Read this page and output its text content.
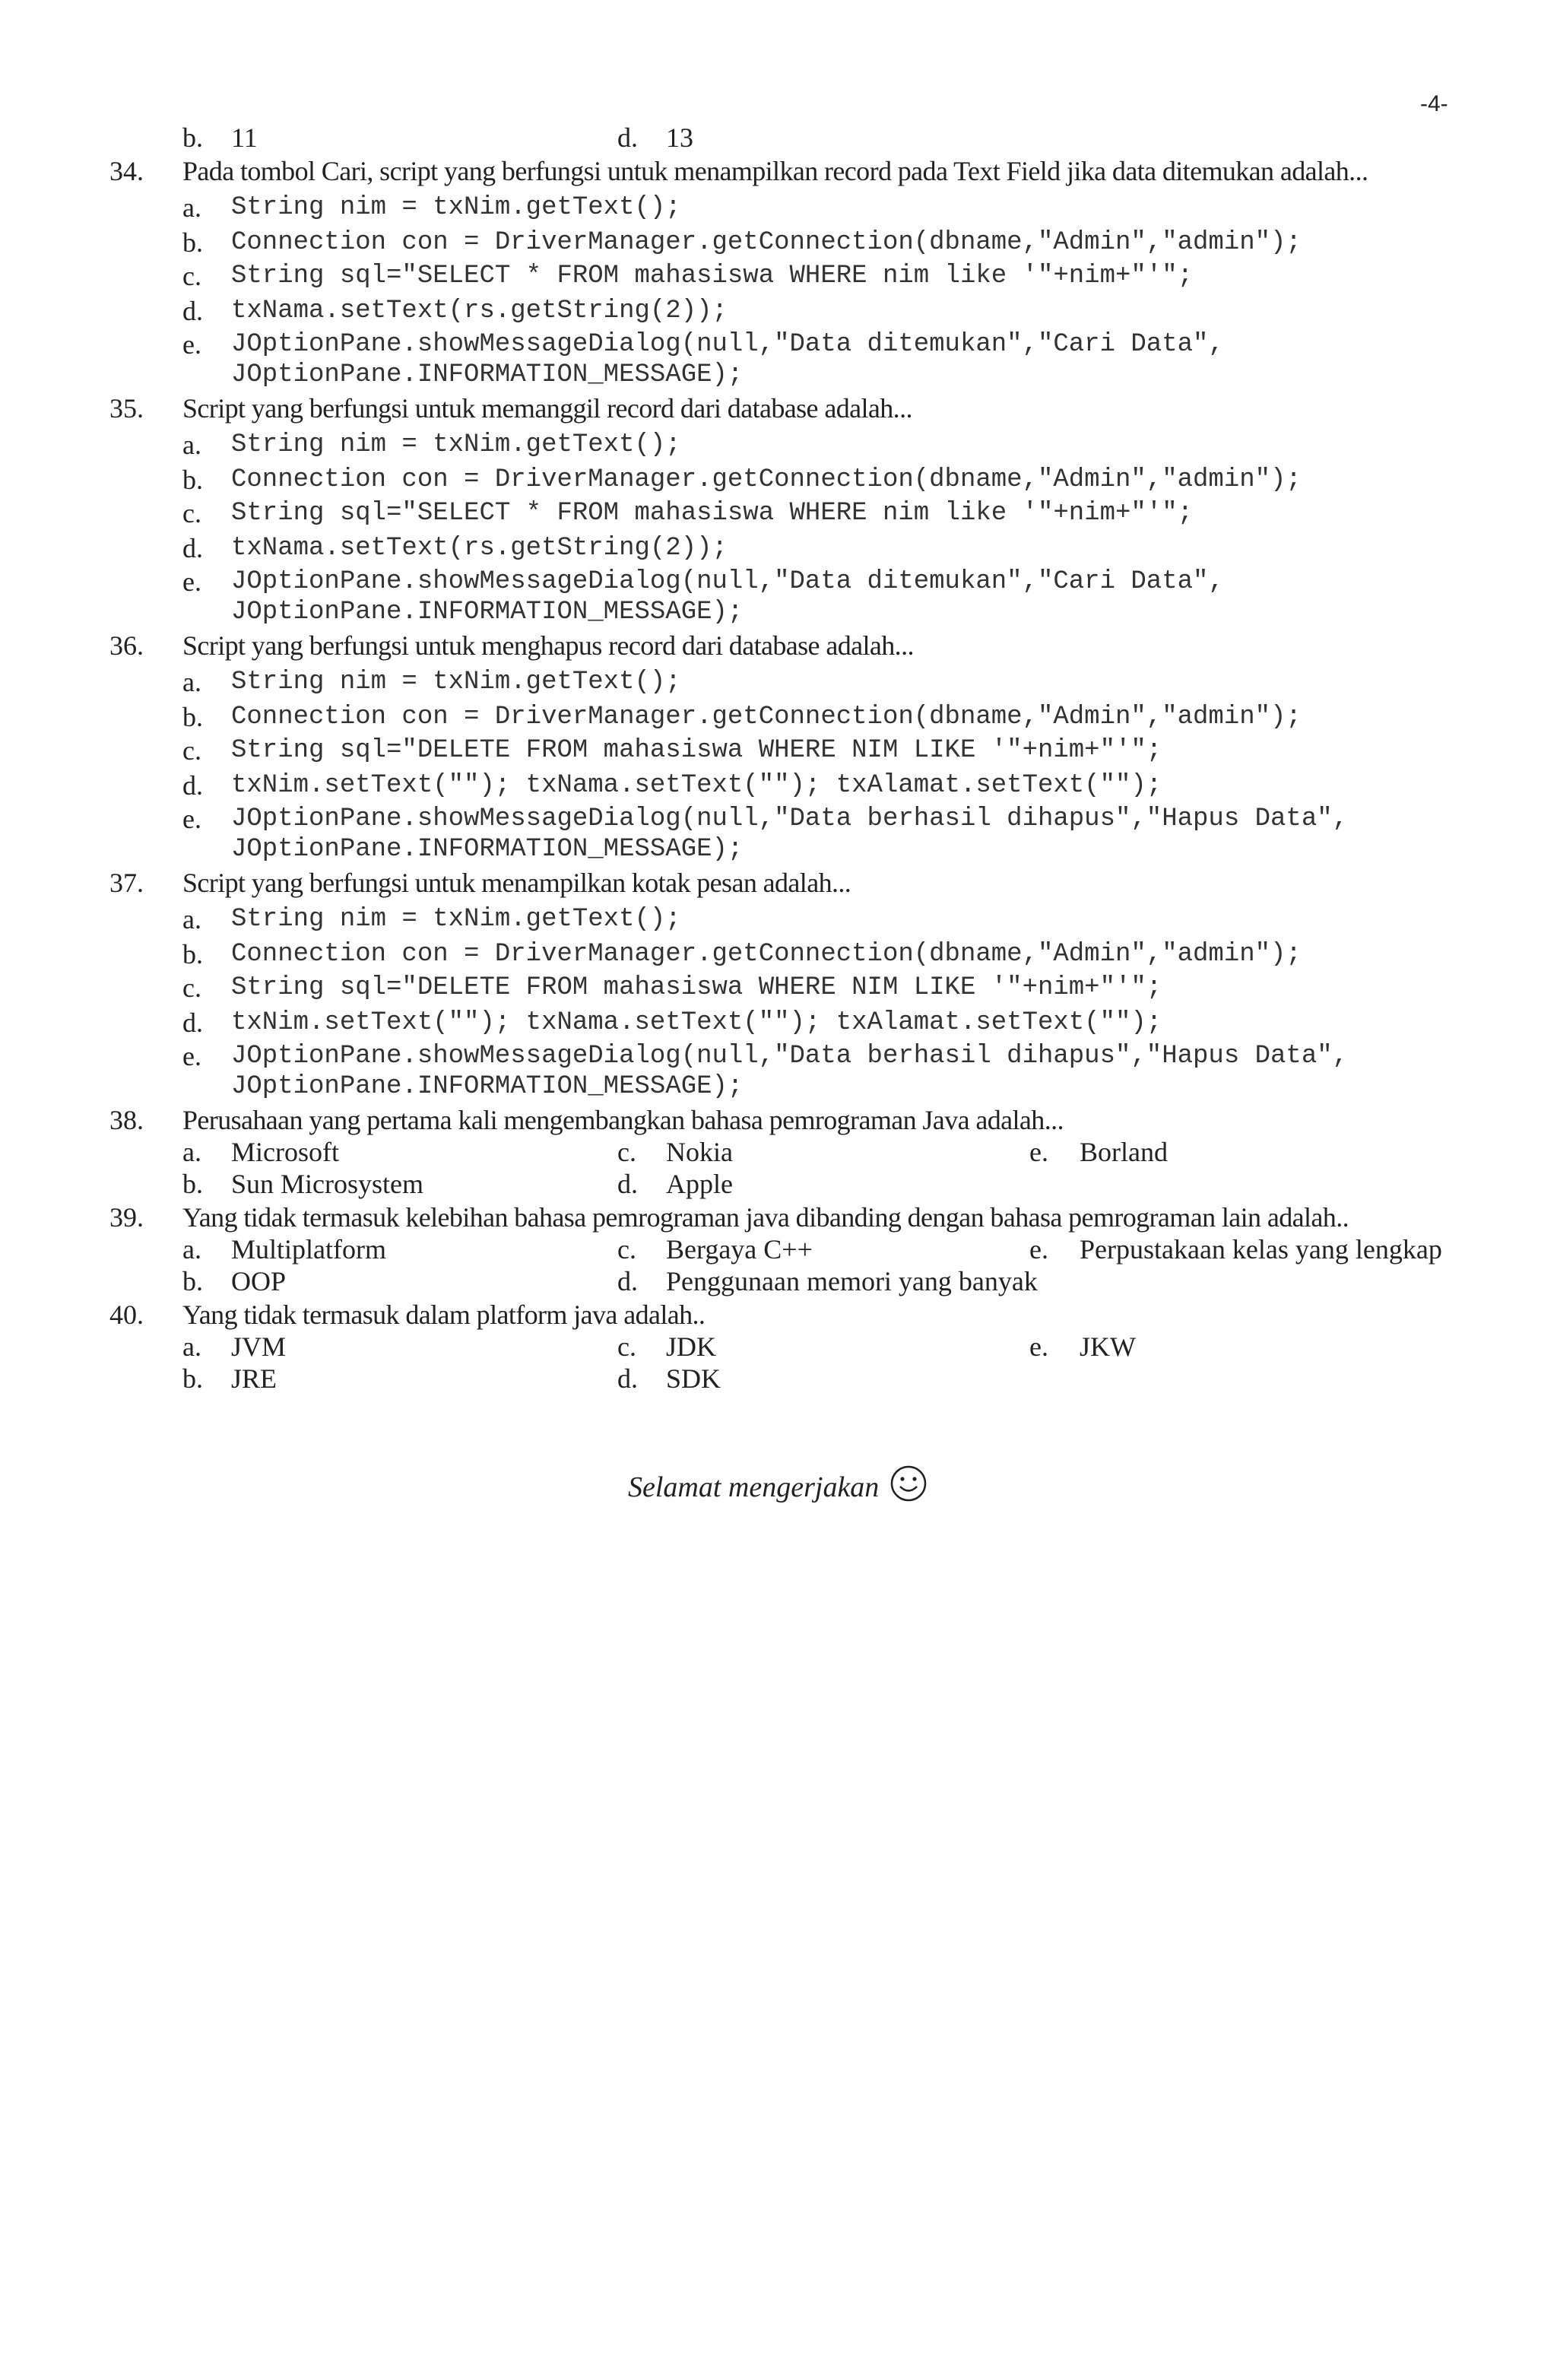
-4-
b. 11	d. 13
34. Pada tombol Cari, script yang berfungsi untuk menampilkan record pada Text Field jika data ditemukan adalah...
a. String nim = txNim.getText();
b. Connection con = DriverManager.getConnection(dbname,"Admin","admin");
c. String sql="SELECT * FROM mahasiswa WHERE nim like '"+nim+"'";
d. txNama.setText(rs.getString(2));
e. JOptionPane.showMessageDialog(null,"Data ditemukan","Cari Data",
JOptionPane.INFORMATION_MESSAGE);
35. Script yang berfungsi untuk memanggil record dari database adalah...
a. String nim = txNim.getText();
b. Connection con = DriverManager.getConnection(dbname,"Admin","admin");
c. String sql="SELECT * FROM mahasiswa WHERE nim like '"+nim+"'";
d. txNama.setText(rs.getString(2));
e. JOptionPane.showMessageDialog(null,"Data ditemukan","Cari Data",
JOptionPane.INFORMATION_MESSAGE);
36. Script yang berfungsi untuk menghapus record dari database adalah...
a. String nim = txNim.getText();
b. Connection con = DriverManager.getConnection(dbname,"Admin","admin");
c. String sql="DELETE FROM mahasiswa WHERE NIM LIKE '"+nim+"'";
d. txNim.setText(""); txNama.setText(""); txAlamat.setText("");
e. JOptionPane.showMessageDialog(null,"Data berhasil dihapus","Hapus Data",
JOptionPane.INFORMATION_MESSAGE);
37. Script yang berfungsi untuk menampilkan kotak pesan adalah...
a. String nim = txNim.getText();
b. Connection con = DriverManager.getConnection(dbname,"Admin","admin");
c. String sql="DELETE FROM mahasiswa WHERE NIM LIKE '"+nim+"'";
d. txNim.setText(""); txNama.setText(""); txAlamat.setText("");
e. JOptionPane.showMessageDialog(null,"Data berhasil dihapus","Hapus Data",
JOptionPane.INFORMATION_MESSAGE);
38. Perusahaan yang pertama kali mengembangkan bahasa pemrograman Java adalah...
a. Microsoft	c. Nokia	e. Borland
b. Sun Microsystem	d. Apple
39. Yang tidak termasuk kelebihan bahasa pemrograman java dibanding dengan bahasa pemrograman lain adalah..
a. Multiplatform	c. Bergaya C++	e. Perpustakaan kelas yang lengkap
b. OOP	d. Penggunaan memori yang banyak
40. Yang tidak termasuk dalam platform java adalah..
a. JVM	c. JDK	e. JKW
b. JRE	d. SDK
Selamat mengerjakan
